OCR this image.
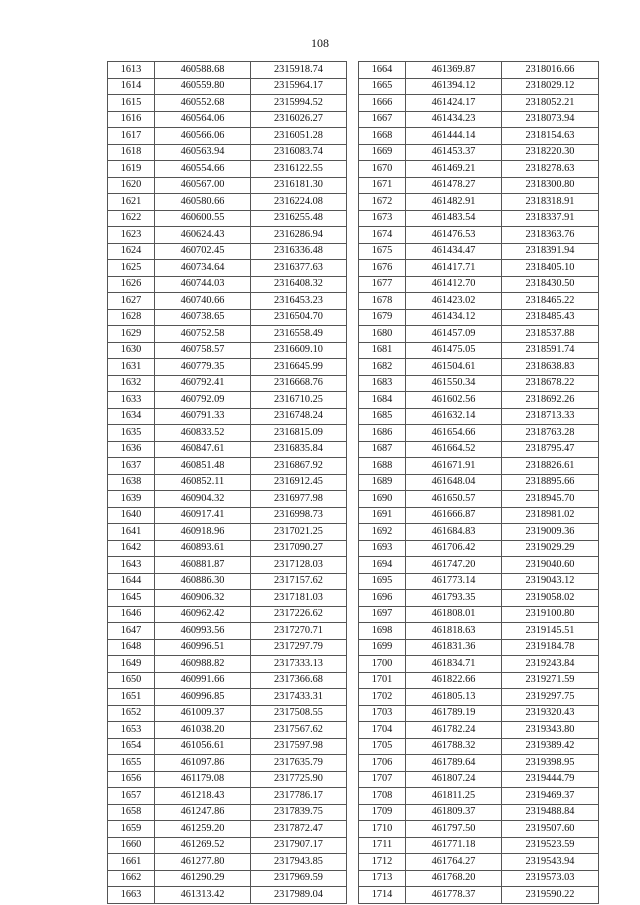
108
1613	460588.68	2315918.74
1614	460559.80	2315964.17
1615	460552.68	2315994.52
1616	460564.06	2316026.27
1617	460566.06	2316051.28
1618	460563.94	2316083.74
1619	460554.66	2316122.55
1620	460567.00	2316181.30
1621	460580.66	2316224.08
1622	460600.55	2316255.48
1623	460624.43	2316286.94
1624	460702.45	2316336.48
1625	460734.64	2316377.63
1626	460744.03	2316408.32
1627	460740.66	2316453.23
1628	460738.65	2316504.70
1629	460752.58	2316558.49
1630	460758.57	2316609.10
1631	460779.35	2316645.99
1632	460792.41	2316668.76
1633	460792.09	2316710.25
1634	460791.33	2316748.24
1635	460833.52	2316815.09
1636	460847.61	2316835.84
1637	460851.48	2316867.92
1638	460852.11	2316912.45
1639	460904.32	2316977.98
1640	460917.41	2316998.73
1641	460918.96	2317021.25
1642	460893.61	2317090.27
1643	460881.87	2317128.03
1644	460886.30	2317157.62
1645	460906.32	2317181.03
1646	460962.42	2317226.62
1647	460993.56	2317270.71
1648	460996.51	2317297.79
1649	460988.82	2317333.13
1650	460991.66	2317366.68
1651	460996.85	2317433.31
1652	461009.37	2317508.55
1653	461038.20	2317567.62
1654	461056.61	2317597.98
1655	461097.86	2317635.79
1656	461179.08	2317725.90
1657	461218.43	2317786.17
1658	461247.86	2317839.75
1659	461259.20	2317872.47
1660	461269.52	2317907.17
1661	461277.80	2317943.85
1662	461290.29	2317969.59
1663	461313.42	2317989.04
1664	461369.87	2318016.66
1665	461394.12	2318029.12
1666	461424.17	2318052.21
1667	461434.23	2318073.94
1668	461444.14	2318154.63
1669	461453.37	2318220.30
1670	461469.21	2318278.63
1671	461478.27	2318300.80
1672	461482.91	2318318.91
1673	461483.54	2318337.91
1674	461476.53	2318363.76
1675	461434.47	2318391.94
1676	461417.71	2318405.10
1677	461412.70	2318430.50
1678	461423.02	2318465.22
1679	461434.12	2318485.43
1680	461457.09	2318537.88
1681	461475.05	2318591.74
1682	461504.61	2318638.83
1683	461550.34	2318678.22
1684	461602.56	2318692.26
1685	461632.14	2318713.33
1686	461654.66	2318763.28
1687	461664.52	2318795.47
1688	461671.91	2318826.61
1689	461648.04	2318895.66
1690	461650.57	2318945.70
1691	461666.87	2318981.02
1692	461684.83	2319009.36
1693	461706.42	2319029.29
1694	461747.20	2319040.60
1695	461773.14	2319043.12
1696	461793.35	2319058.02
1697	461808.01	2319100.80
1698	461818.63	2319145.51
1699	461831.36	2319184.78
1700	461834.71	2319243.84
1701	461822.66	2319271.59
1702	461805.13	2319297.75
1703	461789.19	2319320.43
1704	461782.24	2319343.80
1705	461788.32	2319389.42
1706	461789.64	2319398.95
1707	461807.24	2319444.79
1708	461811.25	2319469.37
1709	461809.37	2319488.84
1710	461797.50	2319507.60
1711	461771.18	2319523.59
1712	461764.27	2319543.94
1713	461768.20	2319573.03
1714	461778.37	2319590.22
